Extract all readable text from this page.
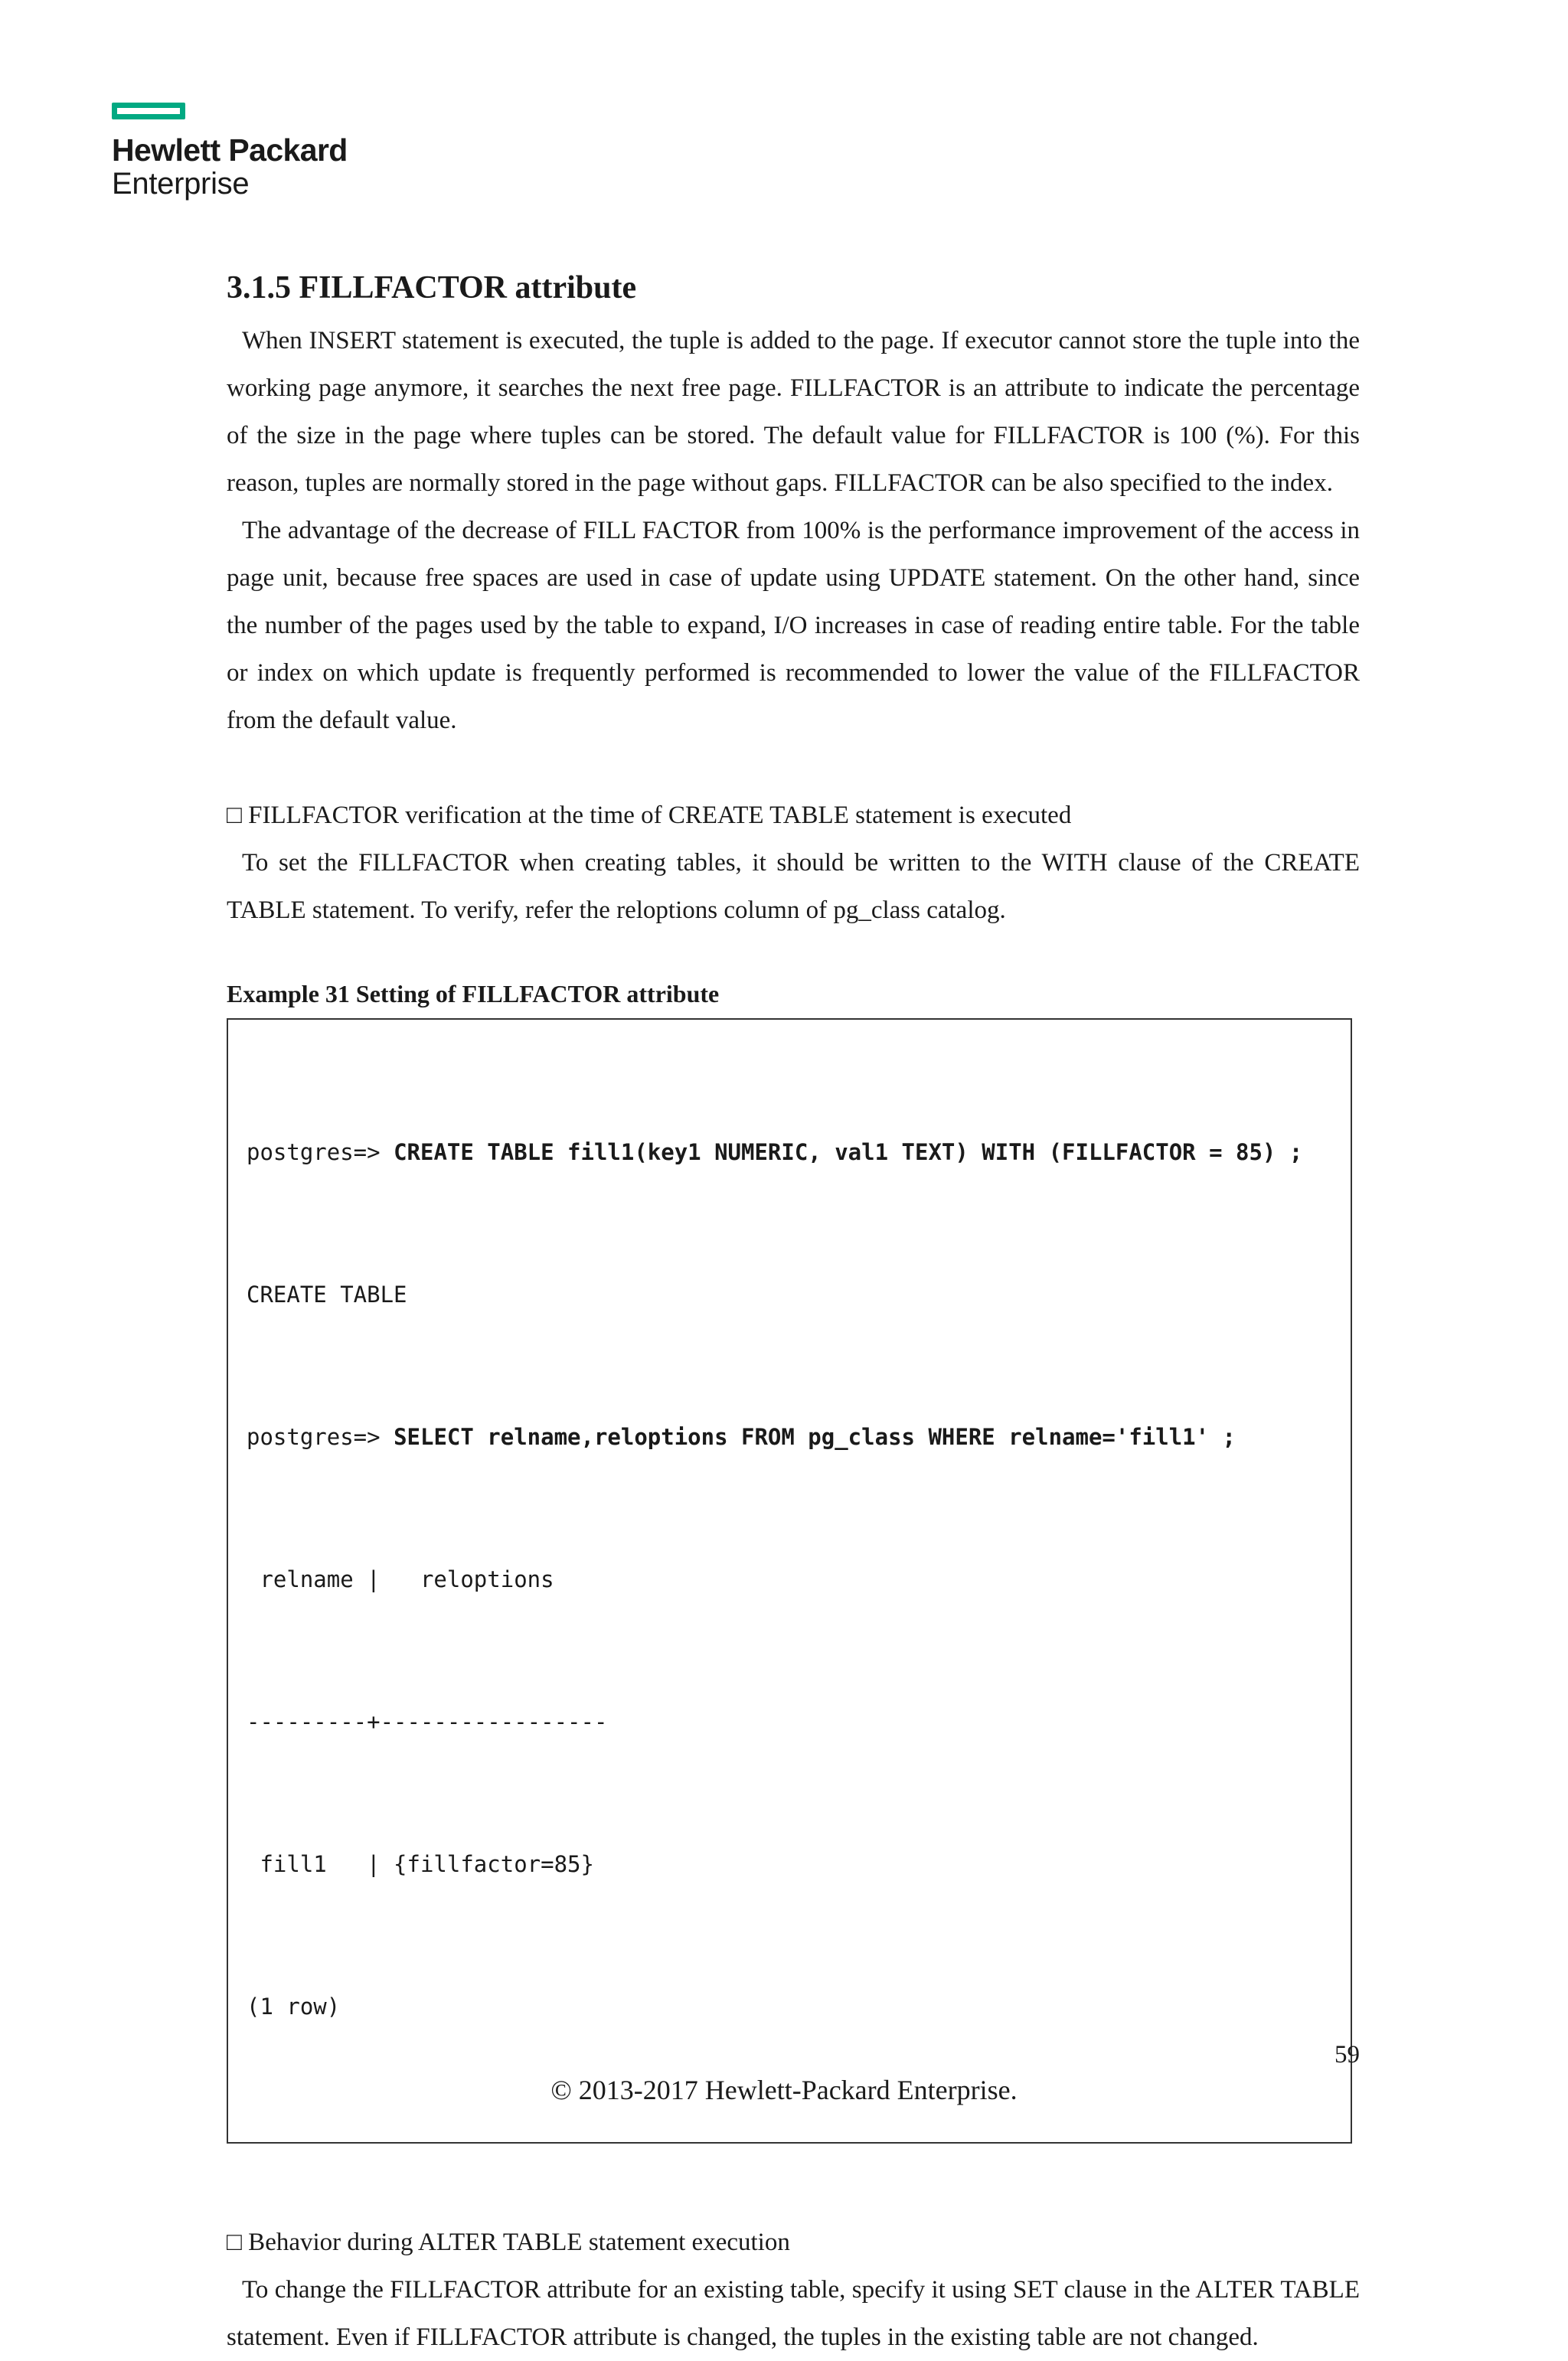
Hewlett Packard
Enterprise
3.1.5 FILLFACTOR attribute

When INSERT statement is executed, the tuple is added to the page. If executor cannot store the tuple into the working page anymore, it searches the next free page. FILLFACTOR is an attribute to indicate the percentage of the size in the page where tuples can be stored. The default value for FILLFACTOR is 100 (%). For this reason, tuples are normally stored in the page without gaps. FILLFACTOR can be also specified to the index.

The advantage of the decrease of FILL FACTOR from 100% is the performance improvement of the access in page unit, because free spaces are used in case of update using UPDATE statement. On the other hand, since the number of the pages used by the table to expand, I/O increases in case of reading entire table. For the table or index on which update is frequently performed is recommended to lower the value of the FILLFACTOR from the default value.

□ FILLFACTOR verification at the time of CREATE TABLE statement is executed

To set the FILLFACTOR when creating tables, it should be written to the WITH clause of the CREATE TABLE statement. To verify, refer the reloptions column of pg_class catalog.

Example 31 Setting of FILLFACTOR attribute

postgres=> CREATE TABLE fill1(key1 NUMERIC, val1 TEXT) WITH (FILLFACTOR = 85) ;

CREATE TABLE

postgres=> SELECT relname,reloptions FROM pg_class WHERE relname='fill1' ;

relname |   reloptions

---------+-----------------

fill1   | {fillfactor=85}

(1 row)

□ Behavior during ALTER TABLE statement execution

To change the FILLFACTOR attribute for an existing table, specify it using SET clause in the ALTER TABLE statement. Even if FILLFACTOR attribute is changed, the tuples in the existing table are not changed.

59
© 2013-2017 Hewlett-Packard Enterprise.
